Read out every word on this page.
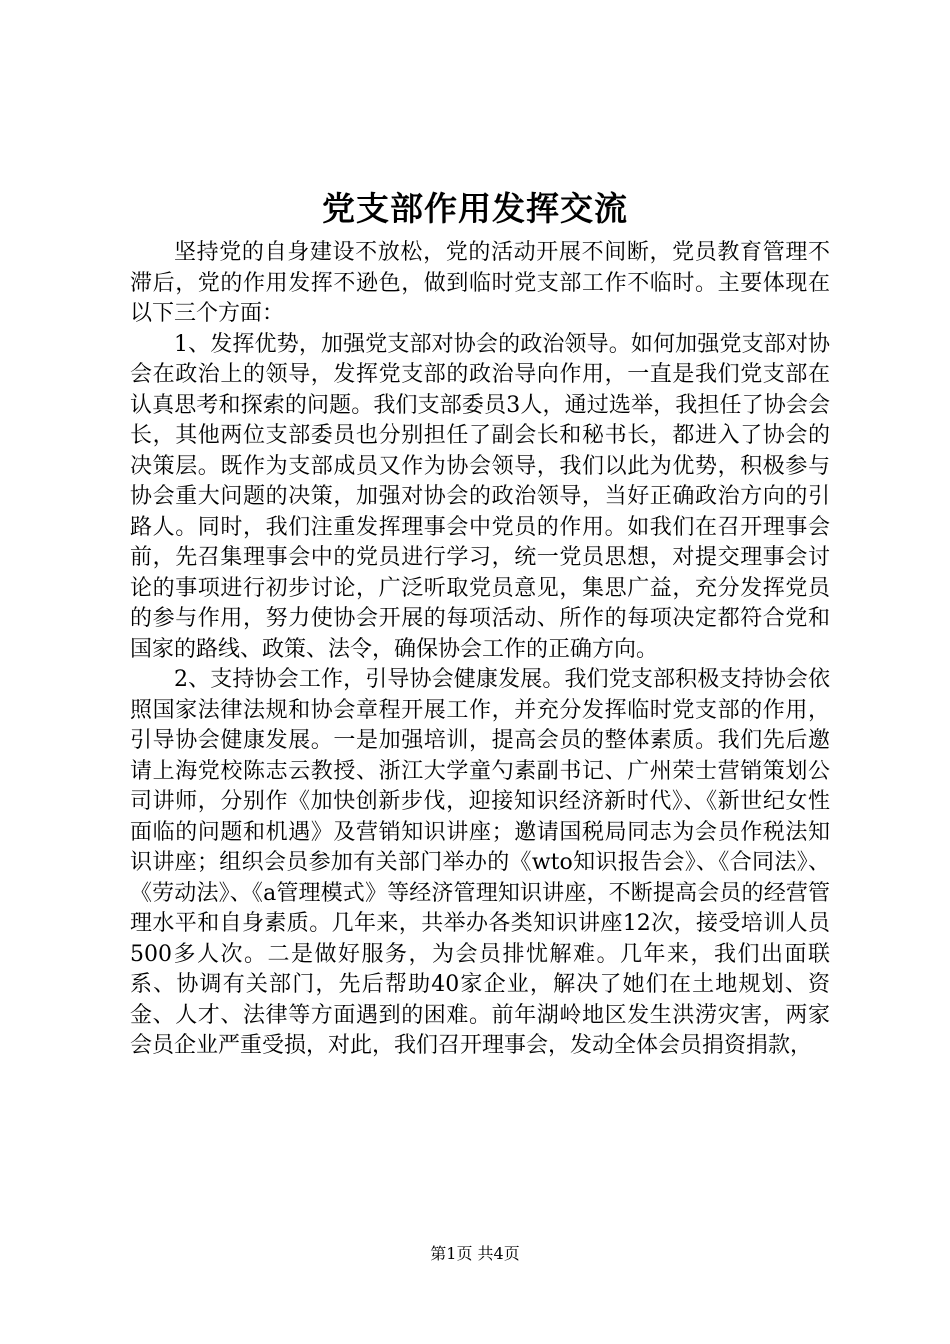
党支部作用发挥交流

坚持党的自身建设不放松，党的活动开展不间断，党员教育管理不滞后，党的作用发挥不逊色，做到临时党支部工作不临时。主要体现在以下三个方面：

1、发挥优势，加强党支部对协会的政治领导。如何加强党支部对协会在政治上的领导，发挥党支部的政治导向作用，一直是我们党支部在认真思考和探索的问题。我们支部委员3人，通过选举，我担任了协会会长，其他两位支部委员也分别担任了副会长和秘书长，都进入了协会的决策层。既作为支部成员又作为协会领导，我们以此为优势，积极参与协会重大问题的决策，加强对协会的政治领导，当好正确政治方向的引路人。同时，我们注重发挥理事会中党员的作用。如我们在召开理事会前，先召集理事会中的党员进行学习，统一党员思想，对提交理事会讨论的事项进行初步讨论，广泛听取党员意见，集思广益，充分发挥党员的参与作用，努力使协会开展的每项活动、所作的每项决定都符合党和国家的路线、政策、法令，确保协会工作的正确方向。

2、支持协会工作，引导协会健康发展。我们党支部积极支持协会依照国家法律法规和协会章程开展工作，并充分发挥临时党支部的作用，引导协会健康发展。一是加强培训，提高会员的整体素质。我们先后邀请上海党校陈志云教授、浙江大学童勺素副书记、广州荣士营销策划公司讲师，分别作《加快创新步伐，迎接知识经济新时代》、《新世纪女性面临的问题和机遇》及营销知识讲座；邀请国税局同志为会员作税法知识讲座；组织会员参加有关部门举办的《wto知识报告会》、《合同法》、《劳动法》、《a管理模式》等经济管理知识讲座，不断提高会员的经营管理水平和自身素质。几年来，共举办各类知识讲座12次，接受培训人员500多人次。二是做好服务，为会员排忧解难。几年来，我们出面联系、协调有关部门，先后帮助40家企业，解决了她们在土地规划、资金、人才、法律等方面遇到的困难。前年湖岭地区发生洪涝灾害，两家会员企业严重受损，对此，我们召开理事会，发动全体会员捐资捐款，

第1页 共4页
